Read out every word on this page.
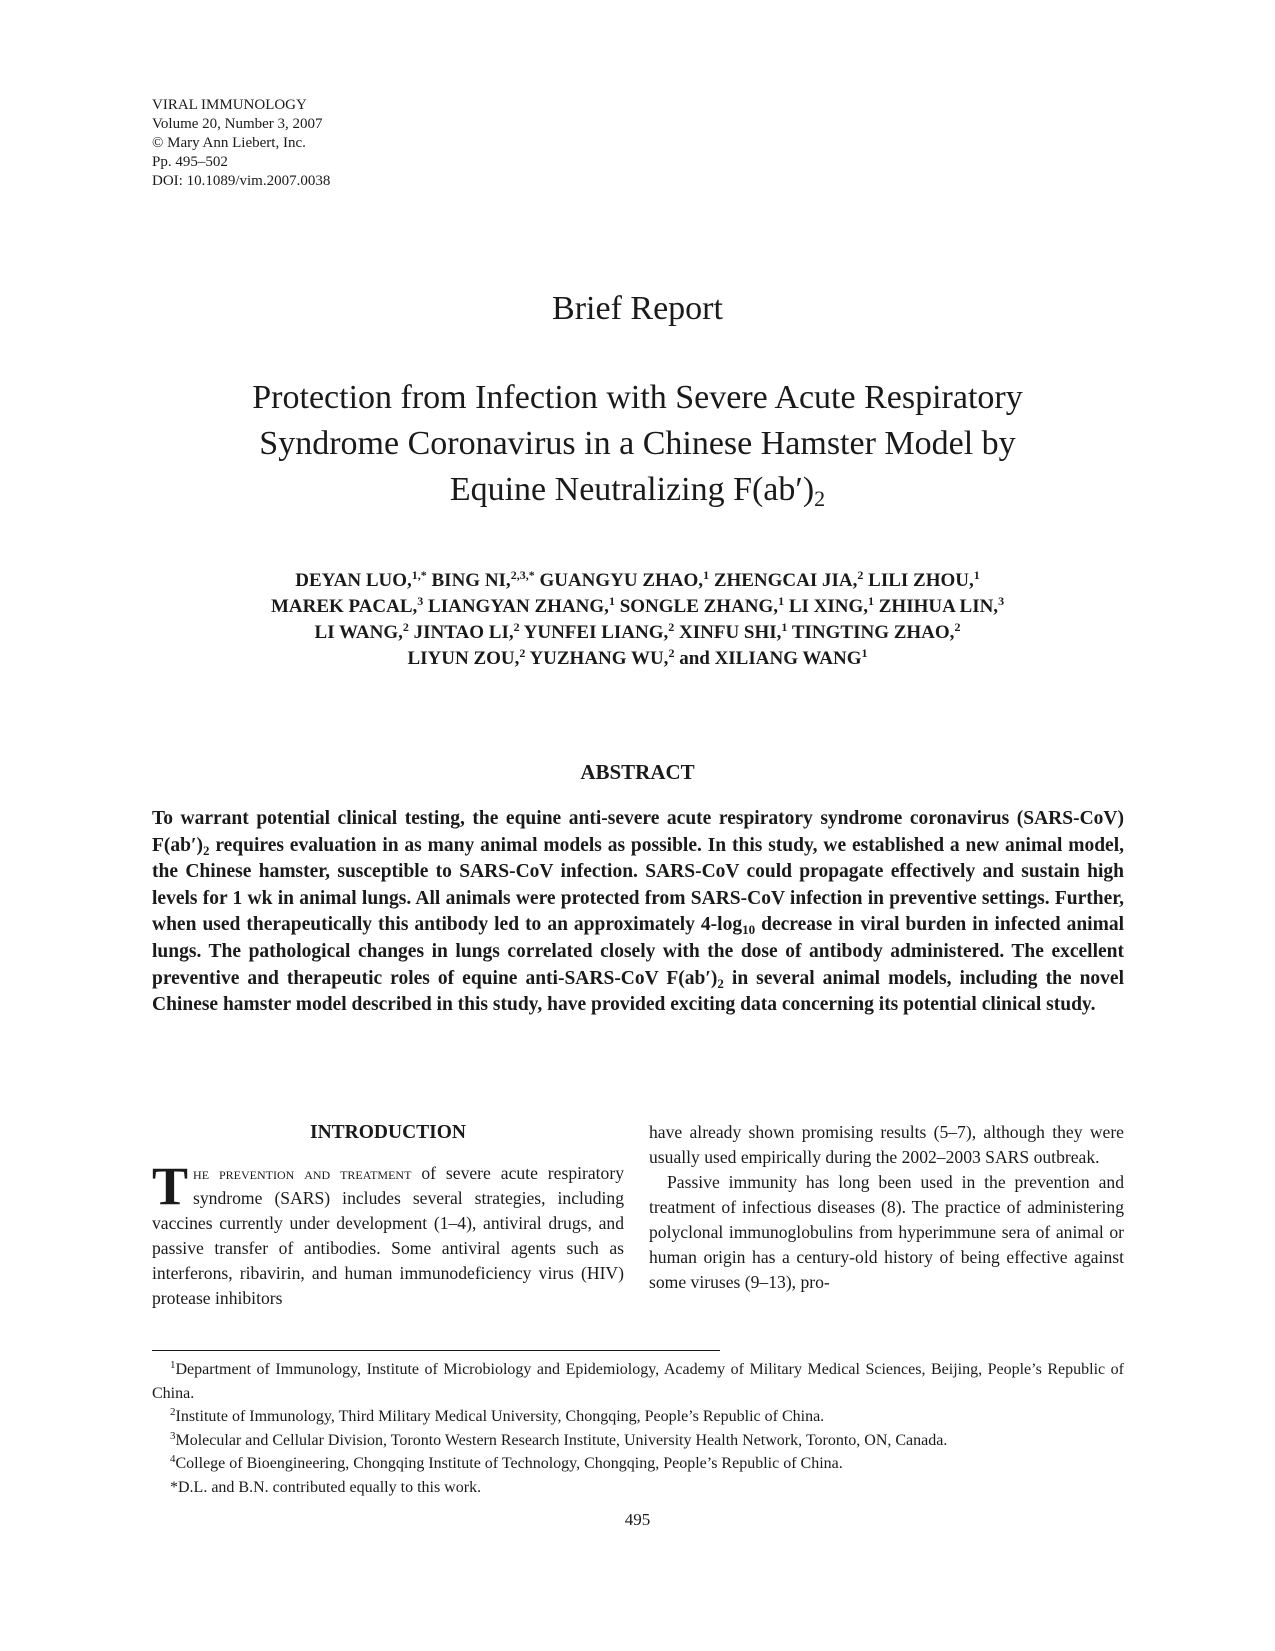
VIRAL IMMUNOLOGY
Volume 20, Number 3, 2007
© Mary Ann Liebert, Inc.
Pp. 495–502
DOI: 10.1089/vim.2007.0038
Brief Report
Protection from Infection with Severe Acute Respiratory
Syndrome Coronavirus in a Chinese Hamster Model by
Equine Neutralizing $F(ab')_2$
DEYAN LUO,$^{1,*}$ BING NI,$^{2,3,*}$ GUANGYU ZHAO,$^1$ ZHENGCAI JIA,$^2$ LILI ZHOU,$^1$
MAREK PACAL,$^3$ LIANGYAN ZHANG,$^1$ SONGLE ZHANG,$^1$ LI XING,$^1$ ZHIHUA LIN,$^3$
LI WANG,$^2$ JINTAO LI,$^2$ YUNFEI LIANG,$^2$ XINFU SHI,$^1$ TINGTING ZHAO,$^2$
LIYUN ZOU,$^2$ YUZHANG WU,$^2$ and XILIANG WANG$^1$
ABSTRACT
To warrant potential clinical testing, the equine anti-severe acute respiratory syndrome coronavirus (SARS-CoV) $F(ab')_2$ requires evaluation in as many animal models as possible. In this study, we established a new animal model, the Chinese hamster, susceptible to SARS-CoV infection. SARS-CoV could propagate effectively and sustain high levels for 1 wk in animal lungs. All animals were protected from SARS-CoV infection in preventive settings. Further, when used therapeutically this antibody led to an approximately $4-\log_{10}$ decrease in viral burden in infected animal lungs. The pathological changes in lungs correlated closely with the dose of antibody administered. The excellent preventive and therapeutic roles of equine anti-SARS-CoV $F(ab')_2$ in several animal models, including the novel Chinese hamster model described in this study, have provided exciting data concerning its potential clinical study.
INTRODUCTION

The prevention and treatment of severe acute respiratory syndrome (SARS) includes several strategies, including vaccines currently under development (1–4), antiviral drugs, and passive transfer of antibodies. Some antiviral agents such as interferons, ribavirin, and human immunodeficiency virus (HIV) protease inhibitors

have already shown promising results (5–7), although they were usually used empirically during the 2002–2003 SARS outbreak.

Passive immunity has long been used in the prevention and treatment of infectious diseases (8). The practice of administering polyclonal immunoglobulins from hyperimmune sera of animal or human origin has a century-old history of being effective against some viruses (9–13), pro-

$^1$Department of Immunology, Institute of Microbiology and Epidemiology, Academy of Military Medical Sciences, Beijing, People’s Republic of China.

$^2$Institute of Immunology, Third Military Medical University, Chongqing, People’s Republic of China.

$^3$Molecular and Cellular Division, Toronto Western Research Institute, University Health Network, Toronto, ON, Canada.

$^4$College of Bioengineering, Chongqing Institute of Technology, Chongqing, People’s Republic of China.

*D.L. and B.N. contributed equally to this work.

495
